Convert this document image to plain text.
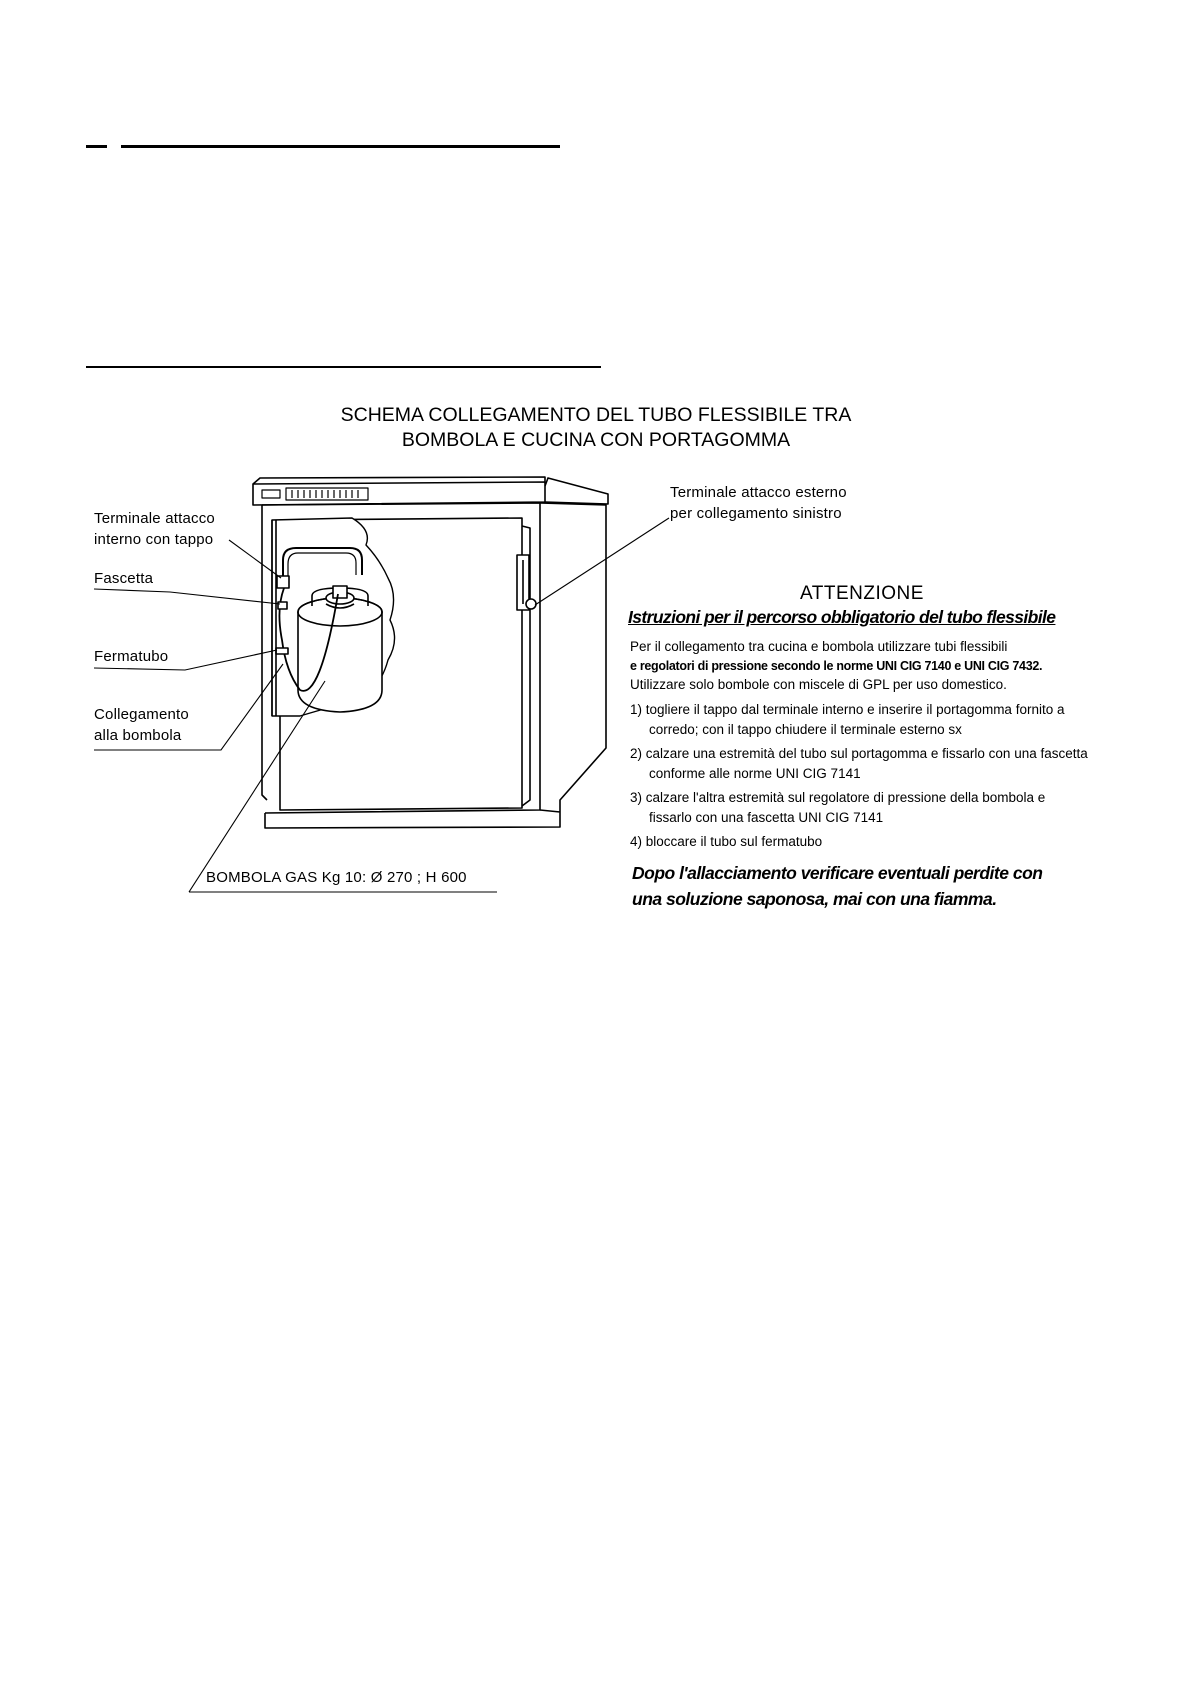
SCHEMA COLLEGAMENTO DEL TUBO FLESSIBILE TRA
BOMBOLA E CUCINA CON PORTAGOMMA
Terminale attacco
interno con tappo
Fascetta
Fermatubo
Collegamento
alla bombola
Terminale attacco esterno
per collegamento sinistro
BOMBOLA GAS Kg 10: Ø 270 ; H 600
ATTENZIONE
Istruzioni per il percorso obbligatorio del tubo flessibile
Per il collegamento tra cucina e bombola utilizzare tubi flessibili
e regolatori di pressione secondo le norme UNI CIG 7140 e UNI CIG 7432.
Utilizzare solo bombole con miscele di GPL per uso domestico.
1) togliere il tappo dal terminale interno e inserire il portagomma fornito a corredo; con il tappo chiudere il terminale esterno sx
2) calzare una estremità del tubo sul portagomma e fissarlo con una fascetta conforme alle norme UNI CIG 7141
3) calzare l'altra estremità sul regolatore di pressione della bombola e fissarlo con una fascetta UNI CIG 7141
4) bloccare il tubo sul fermatubo
Dopo l'allacciamento verificare eventuali perdite con
una soluzione saponosa, mai con una fiamma.
